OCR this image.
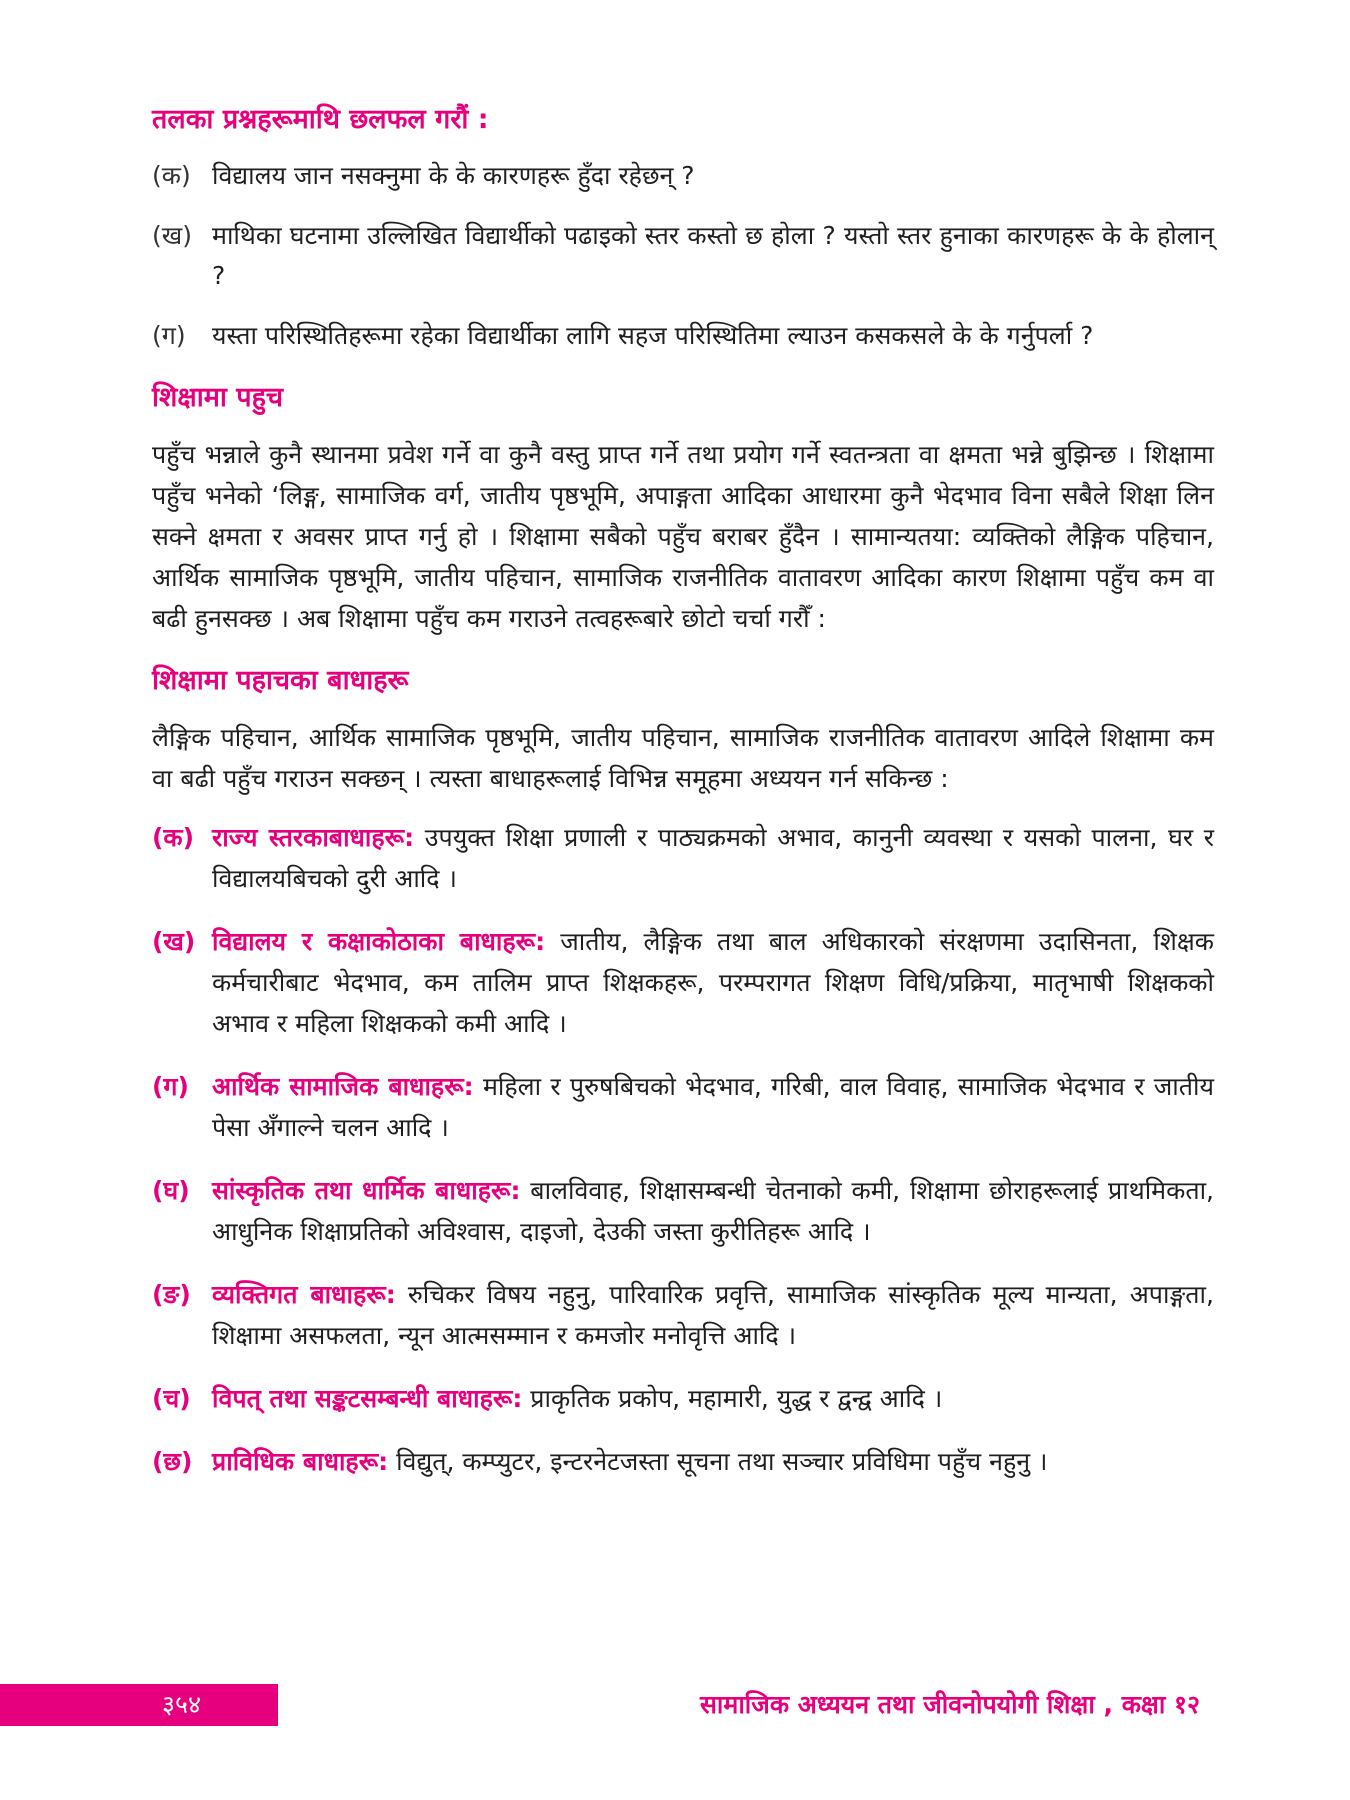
तलका प्रश्नहरूमाथि छलफल गरौं :
(क) विद्यालय जान नसक्नुमा के के कारणहरू हुँदा रहेछन् ?
(ख) माथिका घटनामा उल्लिखित विद्यार्थीको पढाइको स्तर कस्तो छ होला ? यस्तो स्तर हुनाका कारणहरू के के होलान् ?
(ग)	यस्ता परिस्थितिहरूमा रहेका विद्यार्थीका लागि सहज परिस्थितिमा ल्याउन कसकसले के के गर्नुपर्ला ?
शिक्षामा पहुच

पहुँच भन्नाले कुनै स्थानमा प्रवेश गर्ने वा कुनै वस्तु प्राप्त गर्ने तथा प्रयोग गर्ने स्वतन्त्रता वा क्षमता भन्ने बुझिन्छ । शिक्षामा पहुँच भनेको ‘लिङ्ग, सामाजिक वर्ग, जातीय पृष्ठभूमि, अपाङ्गता आदिका आधारमा कुनै भेदभाव विना सबैले शिक्षा लिन सक्ने क्षमता र अवसर प्राप्त गर्नु हो । शिक्षामा सबैको पहुँच बराबर हुँदैन । सामान्यतया: व्यक्तिको लैङ्गिक पहिचान, आर्थिक सामाजिक पृष्ठभूमि, जातीय पहिचान, सामाजिक राजनीतिक वातावरण आदिका कारण शिक्षामा पहुँच कम वा बढी हुनसक्छ । अब शिक्षामा पहुँच कम गराउने तत्वहरूबारे छोटो चर्चा गरौँ :

शिक्षामा पहाचका बाधाहरू

लैङ्गिक पहिचान, आर्थिक सामाजिक पृष्ठभूमि, जातीय पहिचान, सामाजिक राजनीतिक वातावरण आदिले शिक्षामा कम वा बढी पहुँच गराउन सक्छन् । त्यस्ता बाधाहरूलाई विभिन्न समूहमा अध्ययन गर्न सकिन्छ :

(क) राज्य स्तरकाबाधाहरू: उपयुक्त शिक्षा प्रणाली र पाठ्यक्रमको अभाव, कानुनी व्यवस्था र यसको पालना, घर र विद्यालयबिचको दुरी आदि ।
(ख) विद्यालय र कक्षाकोठाका बाधाहरू: जातीय, लैङ्गिक तथा बाल अधिकारको संरक्षणमा उदासिनता, शिक्षक कर्मचारीबाट भेदभाव, कम तालिम प्राप्त शिक्षकहरू, परम्परागत शिक्षण विधि/प्रक्रिया, मातृभाषी शिक्षकको अभाव र महिला शिक्षकको कमी आदि ।
(ग) आर्थिक सामाजिक बाधाहरू: महिला र पुरुषबिचको भेदभाव, गरिबी, वाल विवाह, सामाजिक भेदभाव र जातीय पेसा अँगाल्ने चलन आदि ।
(घ) सांस्कृतिक तथा धार्मिक बाधाहरू: बालविवाह, शिक्षासम्बन्धी चेतनाको कमी, शिक्षामा छोराहरूलाई प्राथमिकता, आधुनिक शिक्षाप्रतिको अविश्वास, दाइजो, देउकी जस्ता कुरीतिहरू आदि ।
(ङ) व्यक्तिगत बाधाहरू: रुचिकर विषय नहुनु, पारिवारिक प्रवृत्ति, सामाजिक सांस्कृतिक मूल्य मान्यता, अपाङ्गता, शिक्षामा असफलता, न्यून आत्मसम्मान र कमजोर मनोवृत्ति आदि ।
(च) विपत् तथा सङ्कटसम्बन्धी बाधाहरू: प्राकृतिक प्रकोप, महामारी, युद्ध र द्वन्द्व आदि ।
(छ) प्राविधिक बाधाहरू: विद्युत्, कम्प्युटर, इन्टरनेटजस्ता सूचना तथा सञ्चार प्रविधिमा पहुँच नहुनु ।
३५४	सामाजिक अध्ययन तथा जीवनोपयोगी शिक्षा , कक्षा १२
